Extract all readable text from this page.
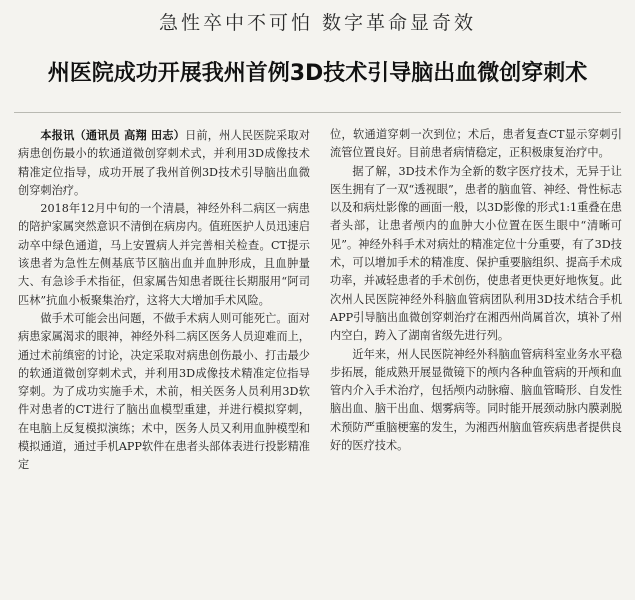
急性卒中不可怕 数字革命显奇效
州医院成功开展我州首例3D技术引导脑出血微创穿刺术

本报讯（通讯员 高翔 田志）日前，州人民医院采取对病患创伤最小的软通道微创穿刺术式，并利用3D成像技术精准定位指导，成功开展了我州首例3D技术引导脑出血微创穿刺治疗。

2018年12月中旬的一个清晨，神经外科二病区一病患的陪护家属突然意识不清倒在病房内。值班医护人员迅速启动卒中绿色通道，马上安置病人并完善相关检查。CT提示该患者为急性左侧基底节区脑出血并血肿形成，且血肿量大、有急诊手术指征，但家属告知患者既往长期服用“阿司匹林”抗血小板聚集治疗，这将大大增加手术风险。

做手术可能会出问题，不做手术病人则可能死亡。面对病患家属渴求的眼神，神经外科二病区医务人员迎难而上，通过术前缜密的讨论，决定采取对病患创伤最小、打击最少的软通道微创穿刺术式，并利用3D成像技术精准定位指导穿刺。为了成功实施手术，术前，相关医务人员利用3D软件对患者的CT进行了脑出血模型重建，并进行模拟穿刺，在电脑上反复模拟演练；术中，医务人员又利用血肿模型和模拟通道，通过手机APP软件在患者头部体表进行投影精准定

位，软通道穿刺一次到位；术后，患者复查CT显示穿刺引流管位置良好。目前患者病情稳定，正积极康复治疗中。

据了解，3D技术作为全新的数字医疗技术，无异于让医生拥有了一双“透视眼”，患者的脑血管、神经、骨性标志以及和病灶影像的画面一般，以3D影像的形式1:1重叠在患者头部，让患者颅内的血肿大小位置在医生眼中“清晰可见”。神经外科手术对病灶的精准定位十分重要，有了3D技术，可以增加手术的精准度、保护重要脑组织、提高手术成功率，并减轻患者的手术创伤，使患者更快更好地恢复。此次州人民医院神经外科脑血管病团队利用3D技术结合手机APP引导脑出血微创穿刺治疗在湘西州尚属首次，填补了州内空白，跨入了湖南省级先进行列。

近年来，州人民医院神经外科脑血管病科室业务水平稳步拓展，能成熟开展显微镜下的颅内各种血管病的开颅和血管内介入手术治疗，包括颅内动脉瘤、脑血管畸形、自发性脑出血、脑干出血、烟雾病等。同时能开展颈动脉内膜剥脱术预防严重脑梗塞的发生，为湘西州脑血管疾病患者提供良好的医疗技术。
